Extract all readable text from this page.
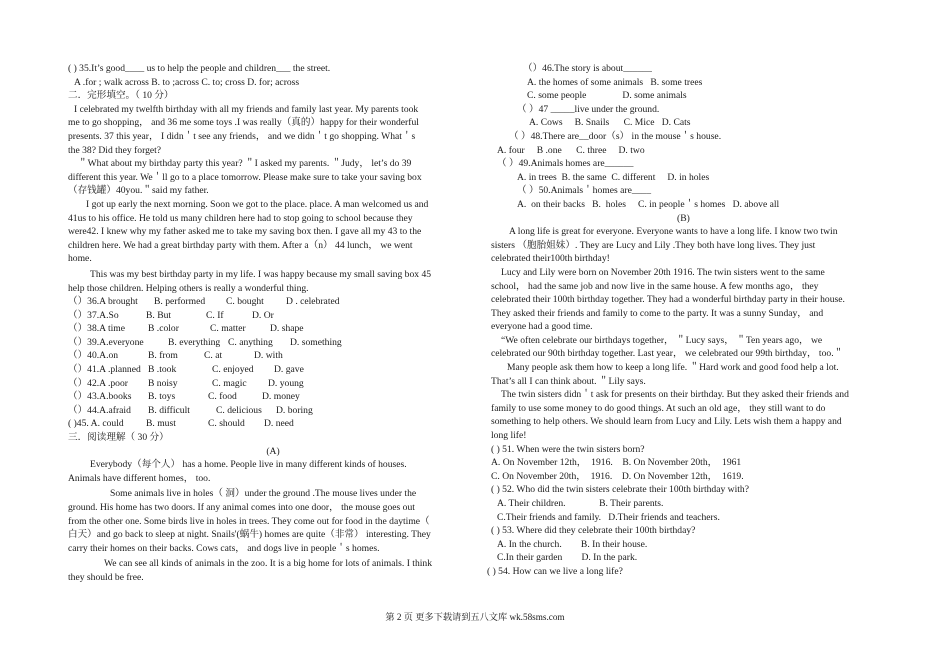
( ) 35.It’s good____ us to help the people and children___ the street.
A .for ; walk across B. to ;across C. to; cross D. for; across
二．完形填空。（ 10 分）
I celebrated my twelfth birthday with all my friends and family last year. My parents took
me to go shopping， and 36 me some toys .I was really（真的）happy for their wonderful
presents. 37 this year， I didn＇t see any friends， and we didn＇t go shopping. What＇s
the 38? Did they forget?
＂What about my birthday party this year? ＂I asked my parents. ＂Judy， let’s do 39
different this year. We＇ll go to a place tomorrow. Please make sure to take your saving box
（存钱罐）40you.＂said my father.
I got up early the next morning. Soon we got to the place. place. A man welcomed us and
41us to his office. He told us many children here had to stop going to school because they
were42. I knew why my father asked me to take my saving box then. I gave all my 43 to the
children here. We had a great birthday party with them. After a（n） 44 lunch， we went
home.
This was my best birthday party in my life. I was happy because my small saving box 45
help those children. Helping others is really a wonderful thing.
（）36.A brought B. performed C. bought D . celebrated
（）37.A.So	B. But	C. If	D. Or
（）38.A time B .color	C. matter	D. shape
（）39.A.everyone	B. everything C. anything D. something
（）40.A.on	B. from	C. at	D. with
（）41.A .planned B .took	C. enjoyed D. gave
（）42.A .poor B noisy	C. magic D. young
（）43.A.books B. toys	C. food	D. money
（）44.A.afraid B. difficult	C. delicious D. boring
( )45. A. could B. must	C. should D. need
三．阅读理解（ 30 分）
(A)
Everybody（每个人） has a home. People live in many different kinds of houses.
Animals have different homes， too.
Some animals live in holes（ 洞）under the ground .The mouse lives under the
ground. His home has two doors. If any animal comes into one door， the mouse goes out
from the other one. Some birds live in holes in trees. They come out for food in the daytime（
白天）and go back to sleep at night. Snails'(蜗牛) homes are quite（非常） interesting. They
carry their homes on their backs. Cows cats， and dogs live in people＇s homes.
We can see all kinds of animals in the zoo. It is a big home for lots of animals. I think
they should be free.
（）46.The story is about______
A. the homes of some animals   B. some trees
C. some people               D. some animals
（ ）47 _____live under the ground.
A. Cows     B. Snails      C. Mice   D. Cats
（ ）48.There are__door（s） in the mouse＇s house.
A. four     B .one      C. three     D. two
（ ）49.Animals homes are______
A. in trees  B. the same  C. different     D. in holes
（ ）50.Animals＇homes are____
A.  on their backs   B.  holes     C. in people＇s homes   D. above all
(B)
A long life is great for everyone. Everyone wants to have a long life. I know two twin
sisters （胞胎姐妹）. They are Lucy and Lily .They both have long lives. They just
celebrated their100th birthday!
Lucy and Lily were born on November 20th 1916. The twin sisters went to the same
school， had the same job and now live in the same house. A few months ago， they
celebrated their 100th birthday together. They had a wonderful birthday party in their house.
They asked their friends and family to come to the party. It was a sunny Sunday， and
everyone had a good time.
“We often celebrate our birthdays together， ＂Lucy says， ＂Ten years ago， we
celebrated our 90th birthday together. Last year， we celebrated our 99th birthday， too.＂
Many people ask them how to keep a long life. ＂Hard work and good food help a lot.
That’s all I can think about. ＂Lily says.
The twin sisters didn＇t ask for presents on their birthday. But they asked their friends and
family to use some money to do good things. At such an old age， they still want to do
something to help others. We should learn from Lucy and Lily. Lets wish them a happy and
long life!
( ) 51. When were the twin sisters born?
A. On November 12th，  1916.    B. On November 20th，  1961
C. On November 20th，  1916.    D. On November 12th，  1619.
( ) 52. Who did the twin sisters celebrate their 100th birthday with?
A. Their children.              B. Their parents.
C.Their friends and family.   D.Their friends and teachers.
( ) 53. Where did they celebrate their 100th birthday?
A. In the church.        B. In their house.
C.In their garden        D. In the park.
( ) 54. How can we live a long life?
第 2 页 更多下载请到五八文库 wk.58sms.com
